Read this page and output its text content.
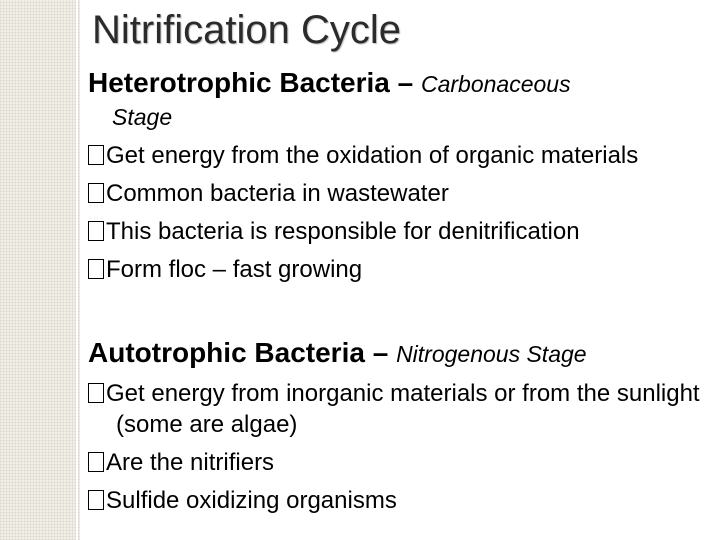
Nitrification Cycle
Heterotrophic Bacteria – Carbonaceous
Stage
Get energy from the oxidation of organic materials
Common bacteria in wastewater
This bacteria is responsible for denitrification
Form floc – fast growing
Autotrophic Bacteria – Nitrogenous Stage
Get energy from inorganic materials or from the sunlight (some are algae)
Are the nitrifiers
Sulfide oxidizing organisms
